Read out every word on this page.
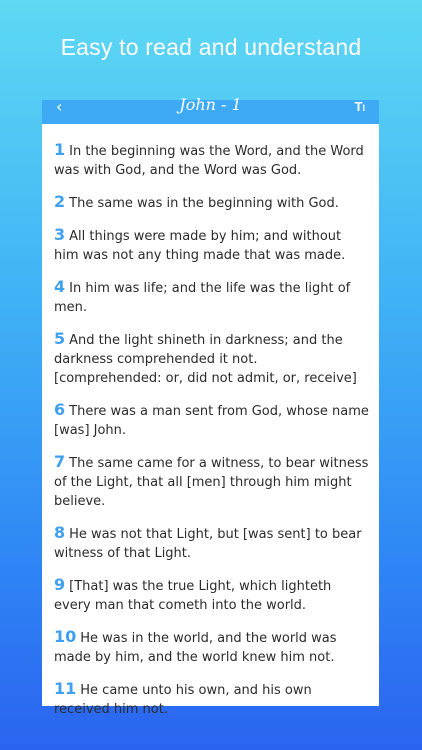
Easy to read and understand
‹	John - 1	TI
1 In the beginning was the Word, and the Word was with God, and the Word was God.
2 The same was in the beginning with God.
3 All things were made by him; and without him was not any thing made that was made.
4 In him was life; and the life was the light of men.
5 And the light shineth in darkness; and the darkness comprehended it not. [comprehended: or, did not admit, or, receive]
6 There was a man sent from God, whose name [was] John.
7 The same came for a witness, to bear witness of the Light, that all [men] through him might believe.
8 He was not that Light, but [was sent] to bear witness of that Light.
9 [That] was the true Light, which lighteth every man that cometh into the world.
10 He was in the world, and the world was made by him, and the world knew him not.
11 He came unto his own, and his own received him not.
